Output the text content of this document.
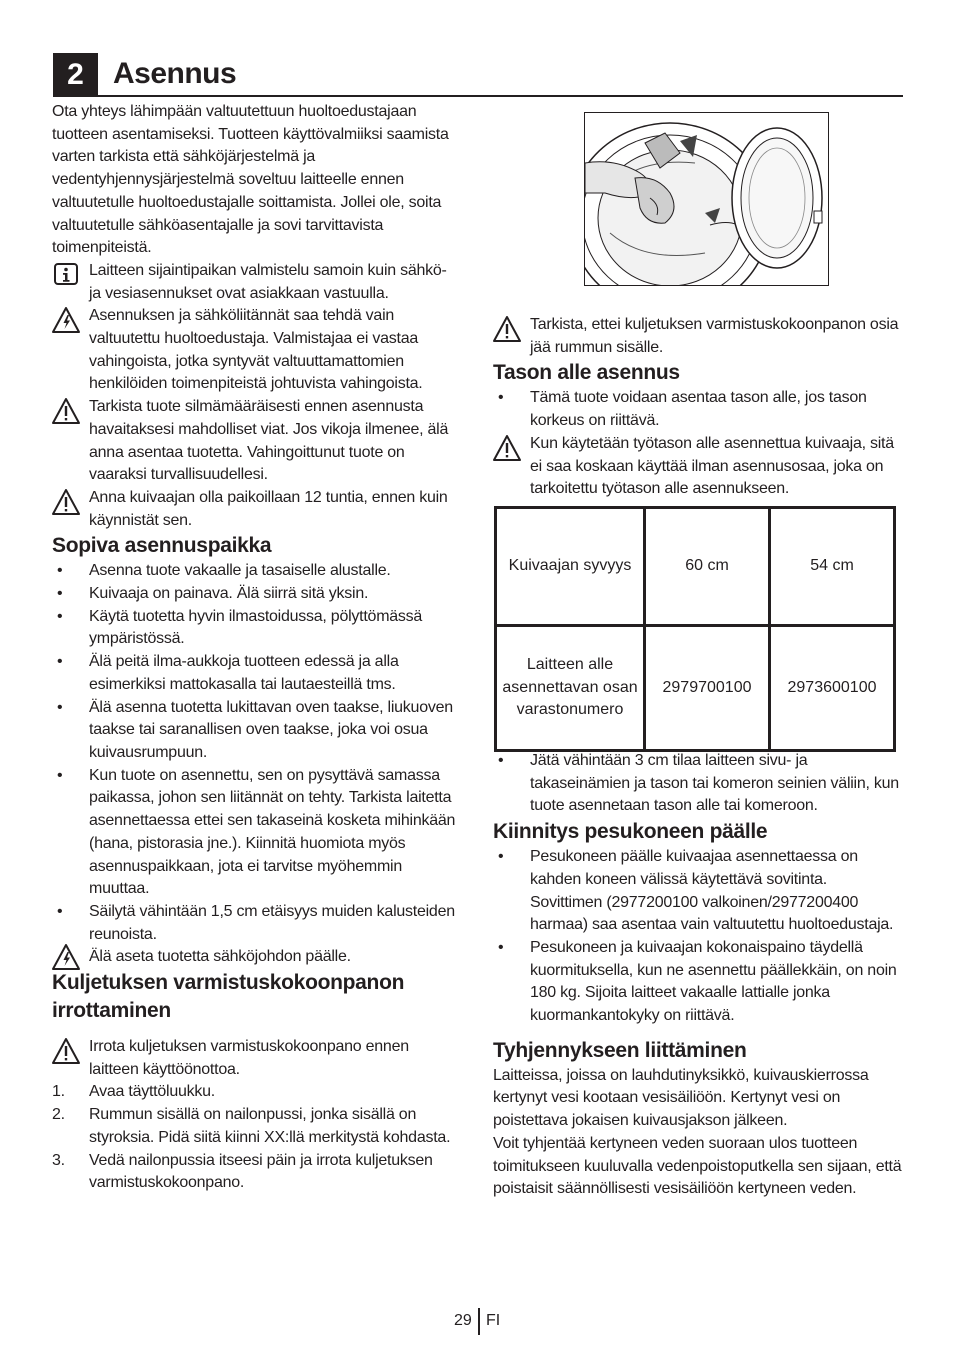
2 Asennus

Ota yhteys lähimpään valtuutettuun huoltoedustajaan tuotteen asentamiseksi. Tuotteen käyttövalmiiksi saamista varten tarkista että sähköjärjestelmä ja vedentyhjennysjärjestelmä soveltuu laitteelle ennen valtuutetulle huoltoedustajalle soittamista. Jollei ole, soita valtuutetulle sähköasentajalle ja sovi tarvittavista toimenpiteistä.

Laitteen sijaintipaikan valmistelu samoin kuin sähkö- ja vesiasennukset ovat asiakkaan vastuulla.

Asennuksen ja sähköliitännät saa tehdä vain valtuutettu huoltoedustaja. Valmistajaa ei vastaa vahingoista, jotka syntyvät valtuuttamattomien henkilöiden toimenpiteistä johtuvista vahingoista.

Tarkista tuote silmämääräisesti ennen asennusta havaitaksesi mahdolliset viat. Jos vikoja ilmenee, älä anna asentaa tuotetta. Vahingoittunut tuote on vaaraksi turvallisuudellesi.

Anna kuivaajan olla paikoillaan 12 tuntia, ennen kuin käynnistät sen.

Sopiva asennuspaikka
• Asenna tuote vakaalle ja tasaiselle alustalle.
• Kuivaaja on painava. Älä siirrä sitä yksin.
• Käytä tuotetta hyvin ilmastoidussa, pölyttömässä ympäristössä.
• Älä peitä ilma-aukkoja tuotteen edessä ja alla esimerkiksi mattokasalla tai lautaesteillä tms.
• Älä asenna tuotetta lukittavan oven taakse, liukuoven taakse tai saranallisen oven taakse, joka voi osua kuivausrumpuun.
• Kun tuote on asennettu, sen on pysyttävä samassa paikassa, johon sen liitännät on tehty. Tarkista laitetta asennettaessa ettei sen takaseinä kosketa mihinkään (hana, pistorasia jne.). Kiinnitä huomiota myös asennuspaikkaan, jota ei tarvitse myöhemmin muuttaa.
• Säilytä vähintään 1,5 cm etäisyys muiden kalusteiden reunoista.

Älä aseta tuotetta sähköjohdon päälle.

Kuljetuksen varmistuskokoonpanon irrottaminen

Irrota kuljetuksen varmistuskokoonpano ennen laitteen käyttöönottoa.

1. Avaa täyttöluukku.
2. Rummun sisällä on nailonpussi, jonka sisällä on styroksia. Pidä siitä kiinni XX:llä merkitystä kohdasta.
3. Vedä nailonpussia itseesi päin ja irrota kuljetuksen varmistuskokoonpano.

Tarkista, ettei kuljetuksen varmistuskokoonpanon osia jää rummun sisälle.

Tason alle asennus
• Tämä tuote voidaan asentaa tason alle, jos tason korkeus on riittävä.

Kun käytetään työtason alle asennettua kuivaaja, sitä ei saa koskaan käyttää ilman asennusosaa, joka on tarkoitettu työtason alle asennukseen.

Kuivaajan syvyys	60 cm	54 cm
Laitteen alle asennettavan osan varastonumero	2979700100	2973600100
• Jätä vähintään 3 cm tilaa laitteen sivu- ja takaseinämien ja tason tai komeron seinien väliin, kun tuote asennetaan tason alle tai komeroon.
Kiinnitys pesukoneen päälle
• Pesukoneen päälle kuivaajaa asennettaessa on kahden koneen välissä käytettävä sovitinta. Sovittimen (2977200100 valkoinen/2977200400 harmaa) saa asentaa vain valtuutettu huoltoedustaja.
• Pesukoneen ja kuivaajan kokonaispaino täydellä kuormituksella, kun ne asennettu päällekkäin, on noin 180 kg. Sijoita laitteet vakaalle lattialle jonka kuormankantokyky on riittävä.
Tyhjennykseen liittäminen

Laitteissa, joissa on lauhdutinyksikkö, kuivauskierrossa kertynyt vesi kootaan vesisäiliöön. Kertynyt vesi on poistettava jokaisen kuivausjakson jälkeen.

Voit tyhjentää kertyneen veden suoraan ulos tuotteen toimitukseen kuuluvalla vedenpoistoputkella sen sijaan, että poistaisit säännöllisesti vesisäiliöön kertyneen veden.

29 FI
